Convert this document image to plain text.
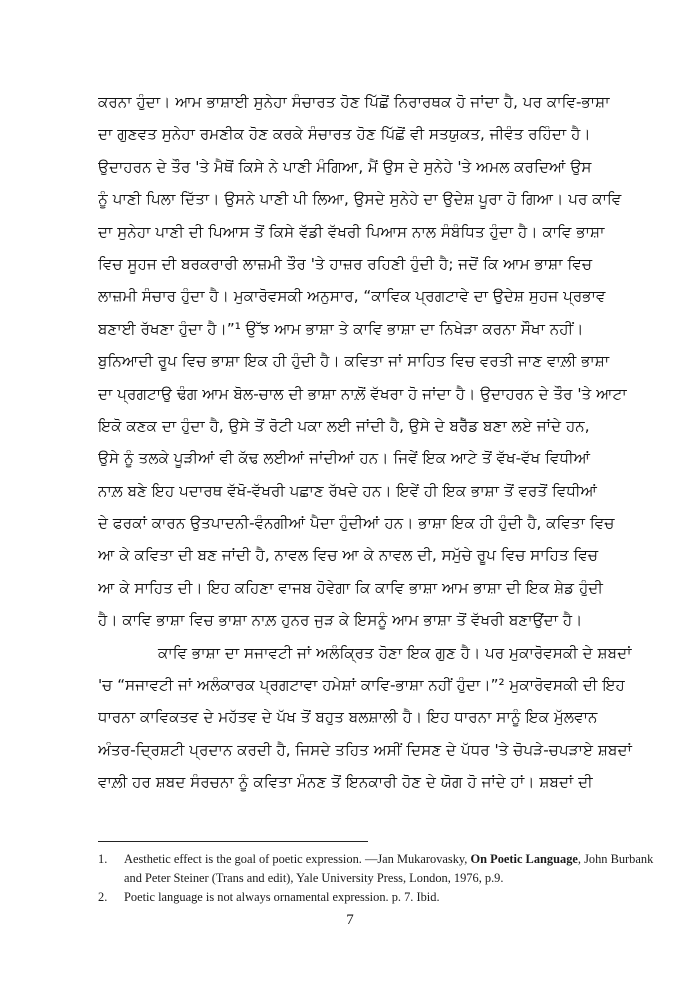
ਕਰਨਾ ਹੁੰਦਾ। ਆਮ ਭਾਸ਼ਾਈ ਸੁਨੇਹਾ ਸੰਚਾਰਤ ਹੋਣ ਪਿੱਛੋਂ ਨਿਰਾਰਥਕ ਹੋ ਜਾਂਦਾ ਹੈ, ਪਰ ਕਾਵਿ-ਭਾਸ਼ਾ
ਦਾ ਗੁਣਵਤ ਸੁਨੇਹਾ ਰਮਣੀਕ ਹੋਣ ਕਰਕੇ ਸੰਚਾਰਤ ਹੋਣ ਪਿੱਛੋਂ ਵੀ ਸਤਯੁਕਤ, ਜੀਵੰਤ ਰਹਿੰਦਾ ਹੈ।
ਉਦਾਹਰਨ ਦੇ ਤੌਰ 'ਤੇ ਮੈਥੋਂ ਕਿਸੇ ਨੇ ਪਾਣੀ ਮੰਗਿਆ, ਮੈਂ ਉਸ ਦੇ ਸੁਨੇਹੇ 'ਤੇ ਅਮਲ ਕਰਦਿਆਂ ਉਸ
ਨੂੰ ਪਾਣੀ ਪਿਲਾ ਦਿੱਤਾ। ਉਸਨੇ ਪਾਣੀ ਪੀ ਲਿਆ, ਉਸਦੇ ਸੁਨੇਹੇ ਦਾ ਉਦੇਸ਼ ਪੂਰਾ ਹੋ ਗਿਆ। ਪਰ ਕਾਵਿ
ਦਾ ਸੁਨੇਹਾ ਪਾਣੀ ਦੀ ਪਿਆਸ ਤੋਂ ਕਿਸੇ ਵੱਡੀ ਵੱਖਰੀ ਪਿਆਸ ਨਾਲ ਸੰਬੰਧਿਤ ਹੁੰਦਾ ਹੈ। ਕਾਵਿ ਭਾਸ਼ਾ
ਵਿਚ ਸੂਹਜ ਦੀ ਬਰਕਰਾਰੀ ਲਾਜ਼ਮੀ ਤੌਰ 'ਤੇ ਹਾਜ਼ਰ ਰਹਿਣੀ ਹੁੰਦੀ ਹੈ; ਜਦੋਂ ਕਿ ਆਮ ਭਾਸ਼ਾ ਵਿਚ
ਲਾਜ਼ਮੀ ਸੰਚਾਰ ਹੁੰਦਾ ਹੈ। ਮੁਕਾਰੋਵਸਕੀ ਅਨੁਸਾਰ, “ਕਾਵਿਕ ਪ੍ਰਗਟਾਵੇ ਦਾ ਉਦੇਸ਼ ਸੁਹਜ ਪ੍ਰਭਾਵ
ਬਣਾਈ ਰੱਖਣਾ ਹੁੰਦਾ ਹੈ।”¹ ਉੱਝ ਆਮ ਭਾਸ਼ਾ ਤੇ ਕਾਵਿ ਭਾਸ਼ਾ ਦਾ ਨਿਖੇੜਾ ਕਰਨਾ ਸੌਖਾ ਨਹੀਂ।
ਬੁਨਿਆਦੀ ਰੂਪ ਵਿਚ ਭਾਸ਼ਾ ਇਕ ਹੀ ਹੁੰਦੀ ਹੈ। ਕਵਿਤਾ ਜਾਂ ਸਾਹਿਤ ਵਿਚ ਵਰਤੀ ਜਾਣ ਵਾਲ਼ੀ ਭਾਸ਼ਾ
ਦਾ ਪ੍ਰਗਟਾਉ ਢੰਗ ਆਮ ਬੋਲ-ਚਾਲ ਦੀ ਭਾਸ਼ਾ ਨਾਲ਼ੋਂ ਵੱਖਰਾ ਹੋ ਜਾਂਦਾ ਹੈ। ਉਦਾਹਰਨ ਦੇ ਤੌਰ 'ਤੇ ਆਟਾ
ਇਕੋ ਕਣਕ ਦਾ ਹੁੰਦਾ ਹੈ, ਉਸੇ ਤੋਂ ਰੋਟੀ ਪਕਾ ਲਈ ਜਾਂਦੀ ਹੈ, ਉਸੇ ਦੇ ਬਰੈੱਡ ਬਣਾ ਲਏ ਜਾਂਦੇ ਹਨ,
ਉਸੇ ਨੂੰ ਤਲਕੇ ਪੂੜੀਆਂ ਵੀ ਕੱਢ ਲਈਆਂ ਜਾਂਦੀਆਂ ਹਨ। ਜਿਵੇਂ ਇਕ ਆਟੇ ਤੋਂ ਵੱਖ-ਵੱਖ ਵਿਧੀਆਂ
ਨਾਲ਼ ਬਣੇ ਇਹ ਪਦਾਰਥ ਵੱਖੋ-ਵੱਖਰੀ ਪਛਾਣ ਰੱਖਦੇ ਹਨ। ਇਵੇਂ ਹੀ ਇਕ ਭਾਸ਼ਾ ਤੋਂ ਵਰਤੋਂ ਵਿਧੀਆਂ
ਦੇ ਫਰਕਾਂ ਕਾਰਨ ਉਤਪਾਦਨੀ-ਵੰਨਗੀਆਂ ਪੈਦਾ ਹੁੰਦੀਆਂ ਹਨ। ਭਾਸ਼ਾ ਇਕ ਹੀ ਹੁੰਦੀ ਹੈ, ਕਵਿਤਾ ਵਿਚ
ਆ ਕੇ ਕਵਿਤਾ ਦੀ ਬਣ ਜਾਂਦੀ ਹੈ, ਨਾਵਲ ਵਿਚ ਆ ਕੇ ਨਾਵਲ ਦੀ, ਸਮੁੱਚੇ ਰੂਪ ਵਿਚ ਸਾਹਿਤ ਵਿਚ
ਆ ਕੇ ਸਾਹਿਤ ਦੀ। ਇਹ ਕਹਿਣਾ ਵਾਜਬ ਹੋਵੇਗਾ ਕਿ ਕਾਵਿ ਭਾਸ਼ਾ ਆਮ ਭਾਸ਼ਾ ਦੀ ਇਕ ਸ਼ੇਡ ਹੁੰਦੀ
ਹੈ। ਕਾਵਿ ਭਾਸ਼ਾ ਵਿਚ ਭਾਸ਼ਾ ਨਾਲ਼ ਹੁਨਰ ਜੁੜ ਕੇ ਇਸਨੂੰ ਆਮ ਭਾਸ਼ਾ ਤੋਂ ਵੱਖਰੀ ਬਣਾਉਂਦਾ ਹੈ।
ਕਾਵਿ ਭਾਸ਼ਾ ਦਾ ਸਜਾਵਟੀ ਜਾਂ ਅਲੰਕ੍ਰਿਤ ਹੋਣਾ ਇਕ ਗੁਣ ਹੈ। ਪਰ ਮੁਕਾਰੋਵਸਕੀ ਦੇ ਸ਼ਬਦਾਂ
'ਚ “ਸਜਾਵਟੀ ਜਾਂ ਅਲੰਕਾਰਕ ਪ੍ਰਗਟਾਵਾ ਹਮੇਸ਼ਾਂ ਕਾਵਿ-ਭਾਸ਼ਾ ਨਹੀਂ ਹੁੰਦਾ।”² ਮੁਕਾਰੋਵਸਕੀ ਦੀ ਇਹ
ਧਾਰਨਾ ਕਾਵਿਕਤਵ ਦੇ ਮਹੱਤਵ ਦੇ ਪੱਖ ਤੋਂ ਬਹੁਤ ਬਲਸ਼ਾਲੀ ਹੈ। ਇਹ ਧਾਰਨਾ ਸਾਨੂੰ ਇਕ ਮੁੱਲਵਾਨ
ਅੰਤਰ-ਦ੍ਰਿਸ਼ਟੀ ਪ੍ਰਦਾਨ ਕਰਦੀ ਹੈ, ਜਿਸਦੇ ਤਹਿਤ ਅਸੀਂ ਦਿਸਣ ਦੇ ਪੱਧਰ 'ਤੇ ਚੋਪੜੇ-ਚਪੜਾਏ ਸ਼ਬਦਾਂ
ਵਾਲ਼ੀ ਹਰ ਸ਼ਬਦ ਸੰਰਚਨਾ ਨੂੰ ਕਵਿਤਾ ਮੰਨਣ ਤੋਂ ਇਨਕਾਰੀ ਹੋਣ ਦੇ ਯੋਗ ਹੋ ਜਾਂਦੇ ਹਾਂ। ਸ਼ਬਦਾਂ ਦੀ
1. Aesthetic effect is the goal of poetic expression. —Jan Mukarovasky, On Poetic Language, John Burbank and Peter Steiner (Trans and edit), Yale University Press, London, 1976, p.9.
2. Poetic language is not always ornamental expression. p. 7. Ibid.
7
